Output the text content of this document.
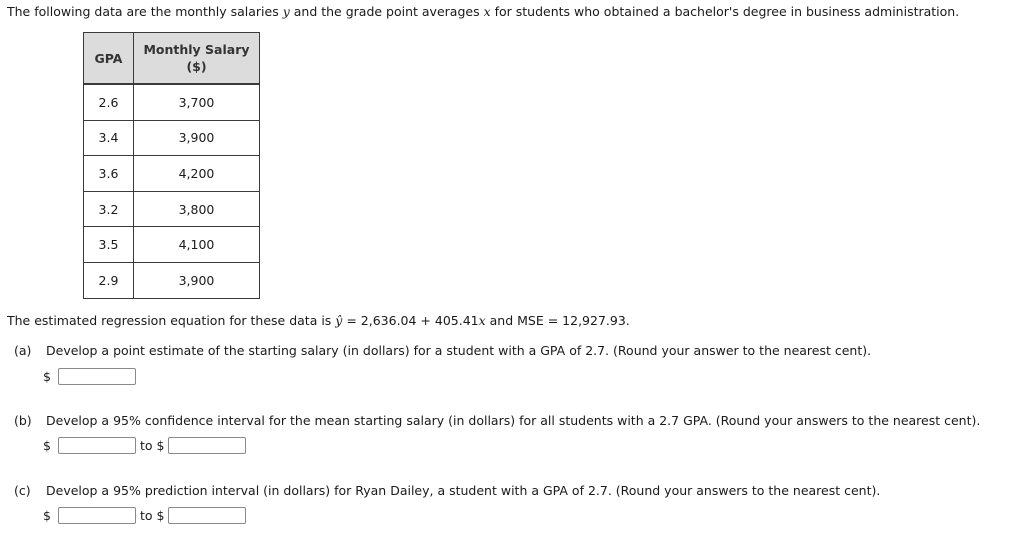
The following data are the monthly salaries y and the grade point averages x for students who obtained a bachelor's degree in business administration.
GPA	Monthly Salary
($)

2.6	3,700
3.4	3,900
3.6	4,200
3.2	3,800
3.5	4,100
2.9	3,900
The estimated regression equation for these data is ŷ = 2,636.04 + 405.41x and MSE = 12,927.93.
(a) Develop a point estimate of the starting salary (in dollars) for a student with a GPA of 2.7. (Round your answer to the nearest cent).
$
(b) Develop a 95% confidence interval for the mean starting salary (in dollars) for all students with a 2.7 GPA. (Round your answers to the nearest cent).
$	to $
(c) Develop a 95% prediction interval (in dollars) for Ryan Dailey, a student with a GPA of 2.7. (Round your answers to the nearest cent).
$	to $
